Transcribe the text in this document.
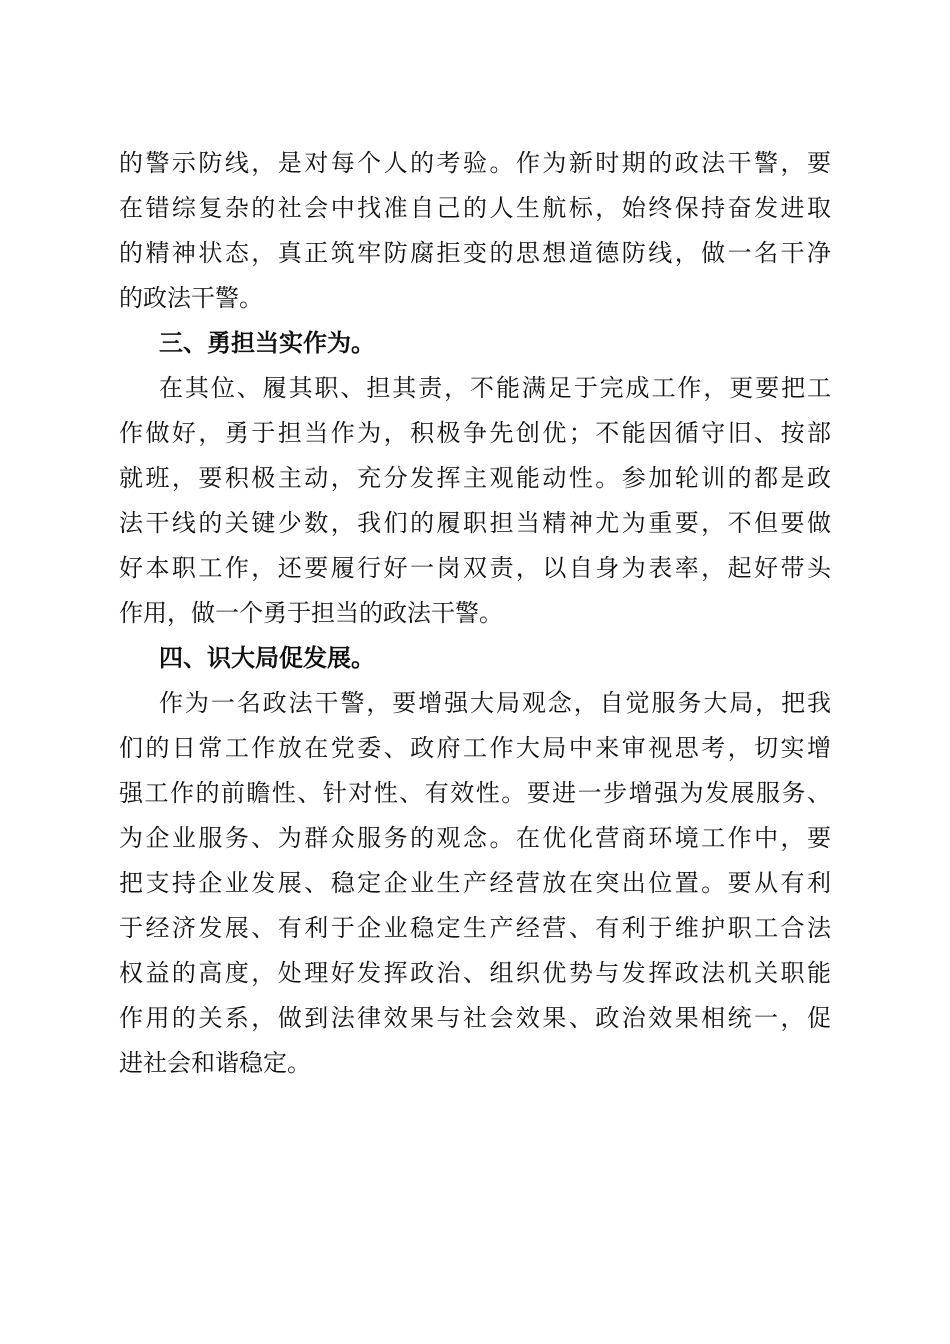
的警示防线，是对每个人的考验。作为新时期的政法干警，要
在错综复杂的社会中找准自己的人生航标，始终保持奋发进取
的精神状态，真正筑牢防腐拒变的思想道德防线，做一名干净
的政法干警。
三、勇担当实作为。
在其位、履其职、担其责，不能满足于完成工作，更要把工
作做好，勇于担当作为，积极争先创优；不能因循守旧、按部
就班，要积极主动，充分发挥主观能动性。参加轮训的都是政
法干线的关键少数，我们的履职担当精神尤为重要，不但要做
好本职工作，还要履行好一岗双责，以自身为表率，起好带头
作用，做一个勇于担当的政法干警。
四、识大局促发展。
作为一名政法干警，要增强大局观念，自觉服务大局，把我
们的日常工作放在党委、政府工作大局中来审视思考，切实增
强工作的前瞻性、针对性、有效性。要进一步增强为发展服务、
为企业服务、为群众服务的观念。在优化营商环境工作中，要
把支持企业发展、稳定企业生产经营放在突出位置。要从有利
于经济发展、有利于企业稳定生产经营、有利于维护职工合法
权益的高度，处理好发挥政治、组织优势与发挥政法机关职能
作用的关系，做到法律效果与社会效果、政治效果相统一，促
进社会和谐稳定。
